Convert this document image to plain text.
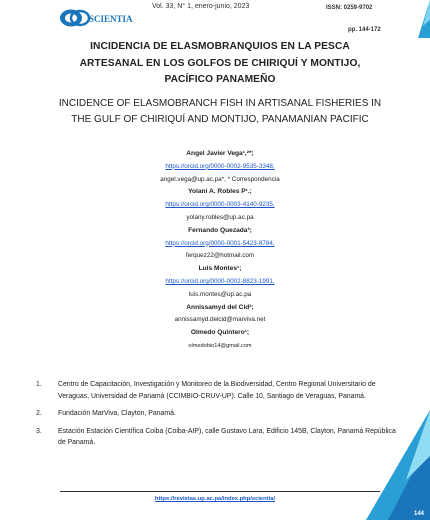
SCIENTIA
Vol. 33, N° 1, enero-junio, 2023	ISSN: 0259-9702
pp. 144-172
INCIDENCIA DE ELASMOBRANQUIOS EN LA PESCA
ARTESANAL EN LOS GOLFOS DE CHIRIQUÍ Y MONTIJO,
PACÍFICO PANAMEÑO
INCIDENCE OF ELASMOBRANCH FISH IN ARTISANAL FISHERIES IN
THE GULF OF CHIRIQUÍ AND MONTIJO, PANAMANIAN PACIFIC
Angel Javier Vega¹,²*;
https://orcid.org/0000-0002-9535-3348,
angel.vega@up.ac.pa*, * Correspondencia
Yolani A. Robles P¹.;
https://orcid.org/0000-0003-4140-9235,
yolany.robles@up.ac.pa
Fernando Quezada³;
https://orcid.org/0000-0001-5423-8784,
ferquez22@hotmail.com
Luis Montes¹;
https://orcid.org/0000-0002-8823-1991,
luis.montes@up.ac.pa
Annissamyd del Cid²;
annissamyd.delcid@marviva.net
Olmedo Quintero¹;
olmedobio14@gmail.com
1. Centro de Capacitación, Investigación y Monitoreo de la Biodiversidad, Centro Regional Universitario de Veraguas, Universidad de Panamá (CCIMBIO-CRUV-UP). Calle 10, Santiago de Veraguas, Panamá.
2. Fundación MarViva, Clayton, Panamá.
3. Estación Estación Científica Coiba (Coiba-AIP), calle Gustavo Lara, Edificio 145B, Clayton, Panamá República de Panamá.
https://revistas.up.ac.pa/index.php/scientia/
144
